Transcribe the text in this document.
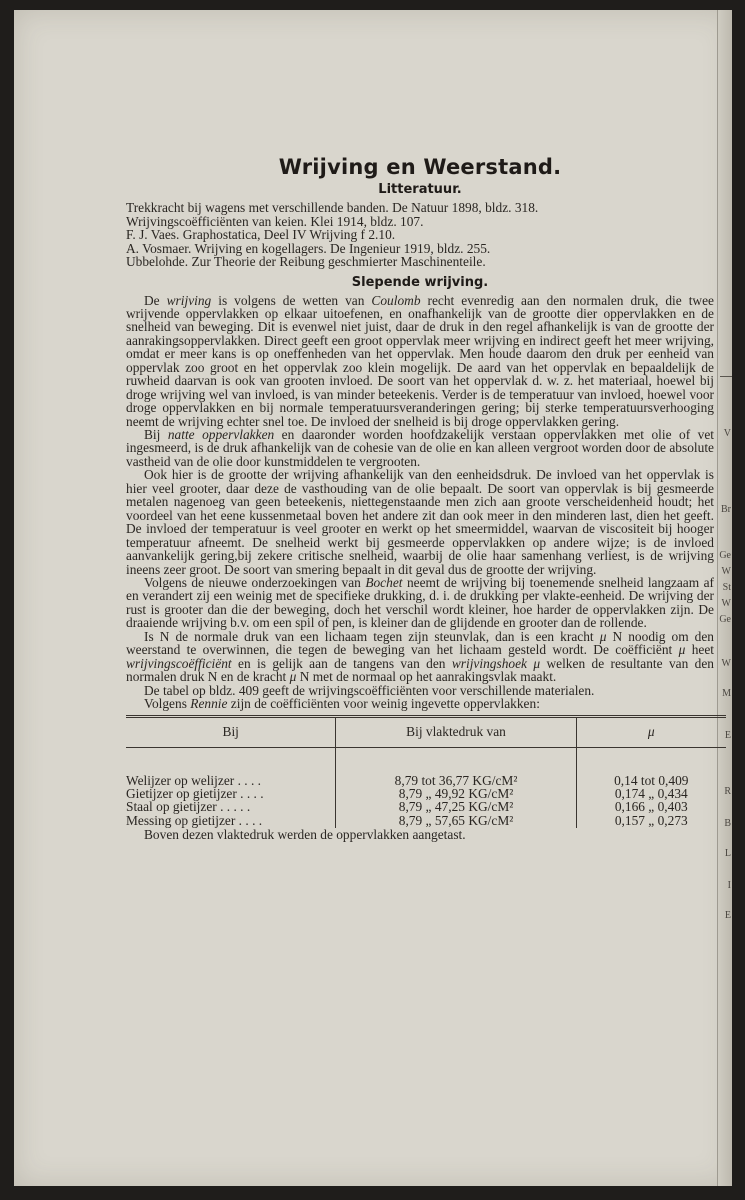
V
Br
Ge
W
St
W
Ge
W
M
E
R
B
L
I
E
Wrijving en Weerstand.
Litteratuur.

Trekkracht bij wagens met verschillende banden. De Natuur 1898, bldz. 318.

Wrijvingscoëfficiënten van keien. Klei 1914, bldz. 107.

F. J. Vaes. Graphostatica, Deel IV Wrijving f 2.10.

A. Vosmaer. Wrijving en kogellagers. De Ingenieur 1919, bldz. 255.

Ubbelohde. Zur Theorie der Reibung geschmierter Maschinenteile.

Slepende wrijving.

De wrijving is volgens de wetten van Coulomb recht evenredig aan den normalen druk, die twee wrijvende oppervlakken op elkaar uitoefenen, en onafhankelijk van de grootte dier oppervlakken en de snelheid van beweging. Dit is evenwel niet juist, daar de druk in den regel afhankelijk is van de grootte der aanrakingsoppervlakken. Direct geeft een groot oppervlak meer wrijving en indirect geeft het meer wrijving, omdat er meer kans is op oneffenheden van het oppervlak. Men houde daarom den druk per eenheid van oppervlak zoo groot en het oppervlak zoo klein mogelijk. De aard van het oppervlak en bepaaldelijk de ruwheid daarvan is ook van grooten invloed. De soort van het oppervlak d. w. z. het materiaal, hoewel bij droge wrijving wel van invloed, is van minder beteekenis. Verder is de temperatuur van invloed, hoewel voor droge oppervlakken en bij normale temperatuursveranderingen gering; bij sterke temperatuursverhooging neemt de wrijving echter snel toe. De invloed der snelheid is bij droge oppervlakken gering.

Bij natte oppervlakken en daaronder worden hoofdzakelijk verstaan oppervlakken met olie of vet ingesmeerd, is de druk afhankelijk van de cohesie van de olie en kan alleen vergroot worden door de absolute vastheid van de olie door kunstmiddelen te vergrooten.

Ook hier is de grootte der wrijving afhankelijk van den eenheidsdruk. De invloed van het oppervlak is hier veel grooter, daar deze de vasthouding van de olie bepaalt. De soort van oppervlak is bij gesmeerde metalen nagenoeg van geen beteekenis, niettegenstaande men zich aan groote verscheidenheid houdt; het voordeel van het eene kussenmetaal boven het andere zit dan ook meer in den minderen last, dien het geeft. De invloed der temperatuur is veel grooter en werkt op het smeermiddel, waarvan de viscositeit bij hooger temperatuur afneemt. De snelheid werkt bij gesmeerde oppervlakken op andere wijze; is de invloed aanvankelijk gering,bij zekere critische snelheid, waarbij de olie haar samenhang verliest, is de wrijving ineens zeer groot. De soort van smering bepaalt in dit geval dus de grootte der wrijving.

Volgens de nieuwe onderzoekingen van Bochet neemt de wrijving bij toenemende snelheid langzaam af en verandert zij een weinig met de specifieke drukking, d. i. de drukking per vlakte-eenheid. De wrijving der rust is grooter dan die der beweging, doch het verschil wordt kleiner, hoe harder de oppervlakken zijn. De draaiende wrijving b.v. om een spil of pen, is kleiner dan de glijdende en grooter dan de rollende.

Is N de normale druk van een lichaam tegen zijn steunvlak, dan is een kracht μ N noodig om den weerstand te overwinnen, die tegen de beweging van het lichaam gesteld wordt. De coëfficiënt μ heet wrijvingscoëfficiënt en is gelijk aan de tangens van den wrijvingshoek μ welken de resultante van den normalen druk N en de kracht μ N met de normaal op het aanrakingsvlak maakt.

De tabel op bldz. 409 geeft de wrijvingscoëfficiënten voor verschillende materialen.

Volgens Rennie zijn de coëfficiënten voor weinig ingevette oppervlakken:

Bij	Bij vlaktedruk van	μ

Welijzer op welijzer . . . .	8,79 tot 36,77 KG/cM²	0,14 tot 0,409
Gietijzer op gietijzer . . . .	8,79 „ 49,92 KG/cM²	0,174 „ 0,434
Staal op gietijzer . . . . .	8,79 „ 47,25 KG/cM²	0,166 „ 0,403
Messing op gietijzer . . . .	8,79 „ 57,65 KG/cM²	0,157 „ 0,273

Boven dezen vlaktedruk werden de oppervlakken aangetast.
